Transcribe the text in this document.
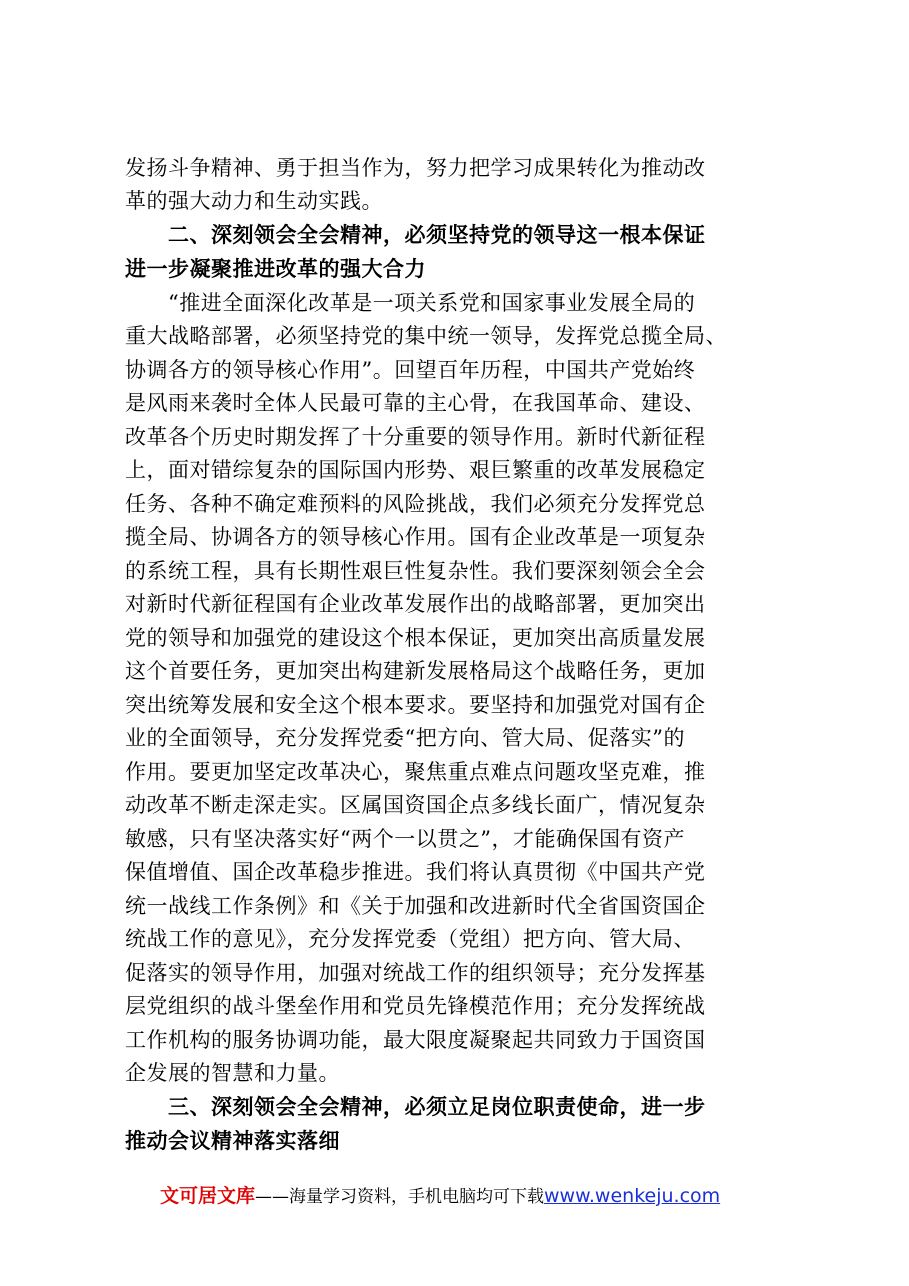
发扬斗争精神、勇于担当作为，努力把学习成果转化为推动改
革的强大动力和生动实践。
　　二、深刻领会全会精神，必须坚持党的领导这一根本保证
进一步凝聚推进改革的强大合力
　　“推进全面深化改革是一项关系党和国家事业发展全局的
重大战略部署，必须坚持党的集中统一领导，发挥党总揽全局、
协调各方的领导核心作用”。回望百年历程，中国共产党始终
是风雨来袭时全体人民最可靠的主心骨，在我国革命、建设、
改革各个历史时期发挥了十分重要的领导作用。新时代新征程
上，面对错综复杂的国际国内形势、艰巨繁重的改革发展稳定
任务、各种不确定难预料的风险挑战，我们必须充分发挥党总
揽全局、协调各方的领导核心作用。国有企业改革是一项复杂
的系统工程，具有长期性艰巨性复杂性。我们要深刻领会全会
对新时代新征程国有企业改革发展作出的战略部署，更加突出
党的领导和加强党的建设这个根本保证，更加突出高质量发展
这个首要任务，更加突出构建新发展格局这个战略任务，更加
突出统筹发展和安全这个根本要求。要坚持和加强党对国有企
业的全面领导，充分发挥党委“把方向、管大局、促落实”的
作用。要更加坚定改革决心，聚焦重点难点问题攻坚克难，推
动改革不断走深走实。区属国资国企点多线长面广，情况复杂
敏感，只有坚决落实好“两个一以贯之”，才能确保国有资产
保值增值、国企改革稳步推进。我们将认真贯彻《中国共产党
统一战线工作条例》和《关于加强和改进新时代全省国资国企
统战工作的意见》，充分发挥党委（党组）把方向、管大局、
促落实的领导作用，加强对统战工作的组织领导；充分发挥基
层党组织的战斗堡垒作用和党员先锋模范作用；充分发挥统战
工作机构的服务协调功能，最大限度凝聚起共同致力于国资国
企发展的智慧和力量。
　　三、深刻领会全会精神，必须立足岗位职责使命，进一步
推动会议精神落实落细
文可居文库——海量学习资料，手机电脑均可下载www.wenkeju.com
